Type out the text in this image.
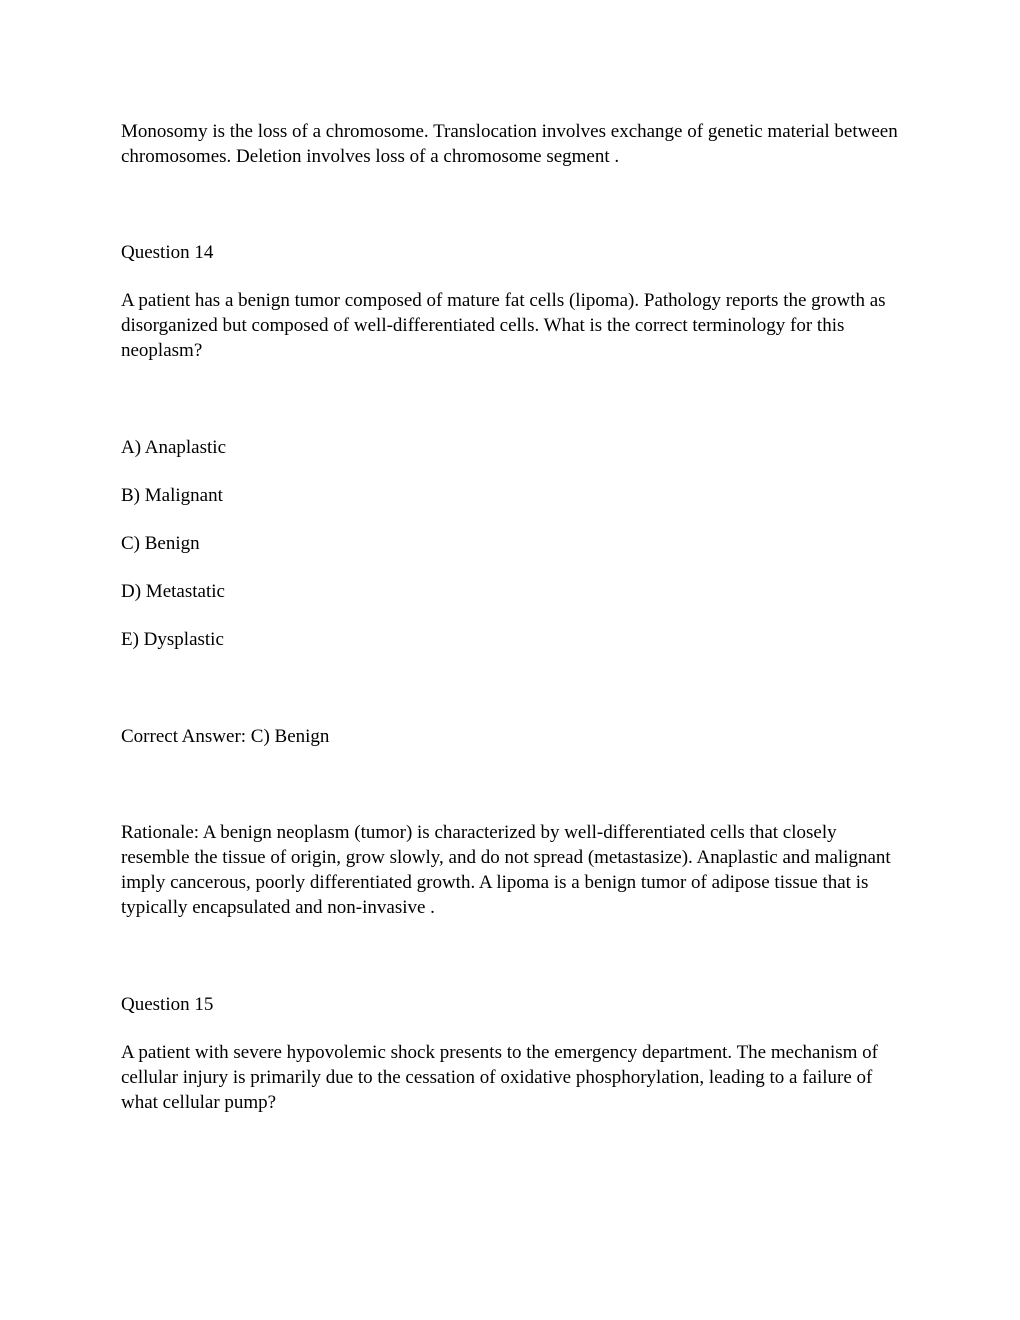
Monosomy is the loss of a chromosome. Translocation involves exchange of genetic material between chromosomes. Deletion involves loss of a chromosome segment .

Question 14

A patient has a benign tumor composed of mature fat cells (lipoma). Pathology reports the growth as disorganized but composed of well-differentiated cells. What is the correct terminology for this neoplasm?

A) Anaplastic

B) Malignant

C) Benign

D) Metastatic

E) Dysplastic

Correct Answer: C) Benign

Rationale: A benign neoplasm (tumor) is characterized by well-differentiated cells that closely resemble the tissue of origin, grow slowly, and do not spread (metastasize). Anaplastic and malignant imply cancerous, poorly differentiated growth. A lipoma is a benign tumor of adipose tissue that is typically encapsulated and non-invasive .

Question 15

A patient with severe hypovolemic shock presents to the emergency department. The mechanism of cellular injury is primarily due to the cessation of oxidative phosphorylation, leading to a failure of what cellular pump?
